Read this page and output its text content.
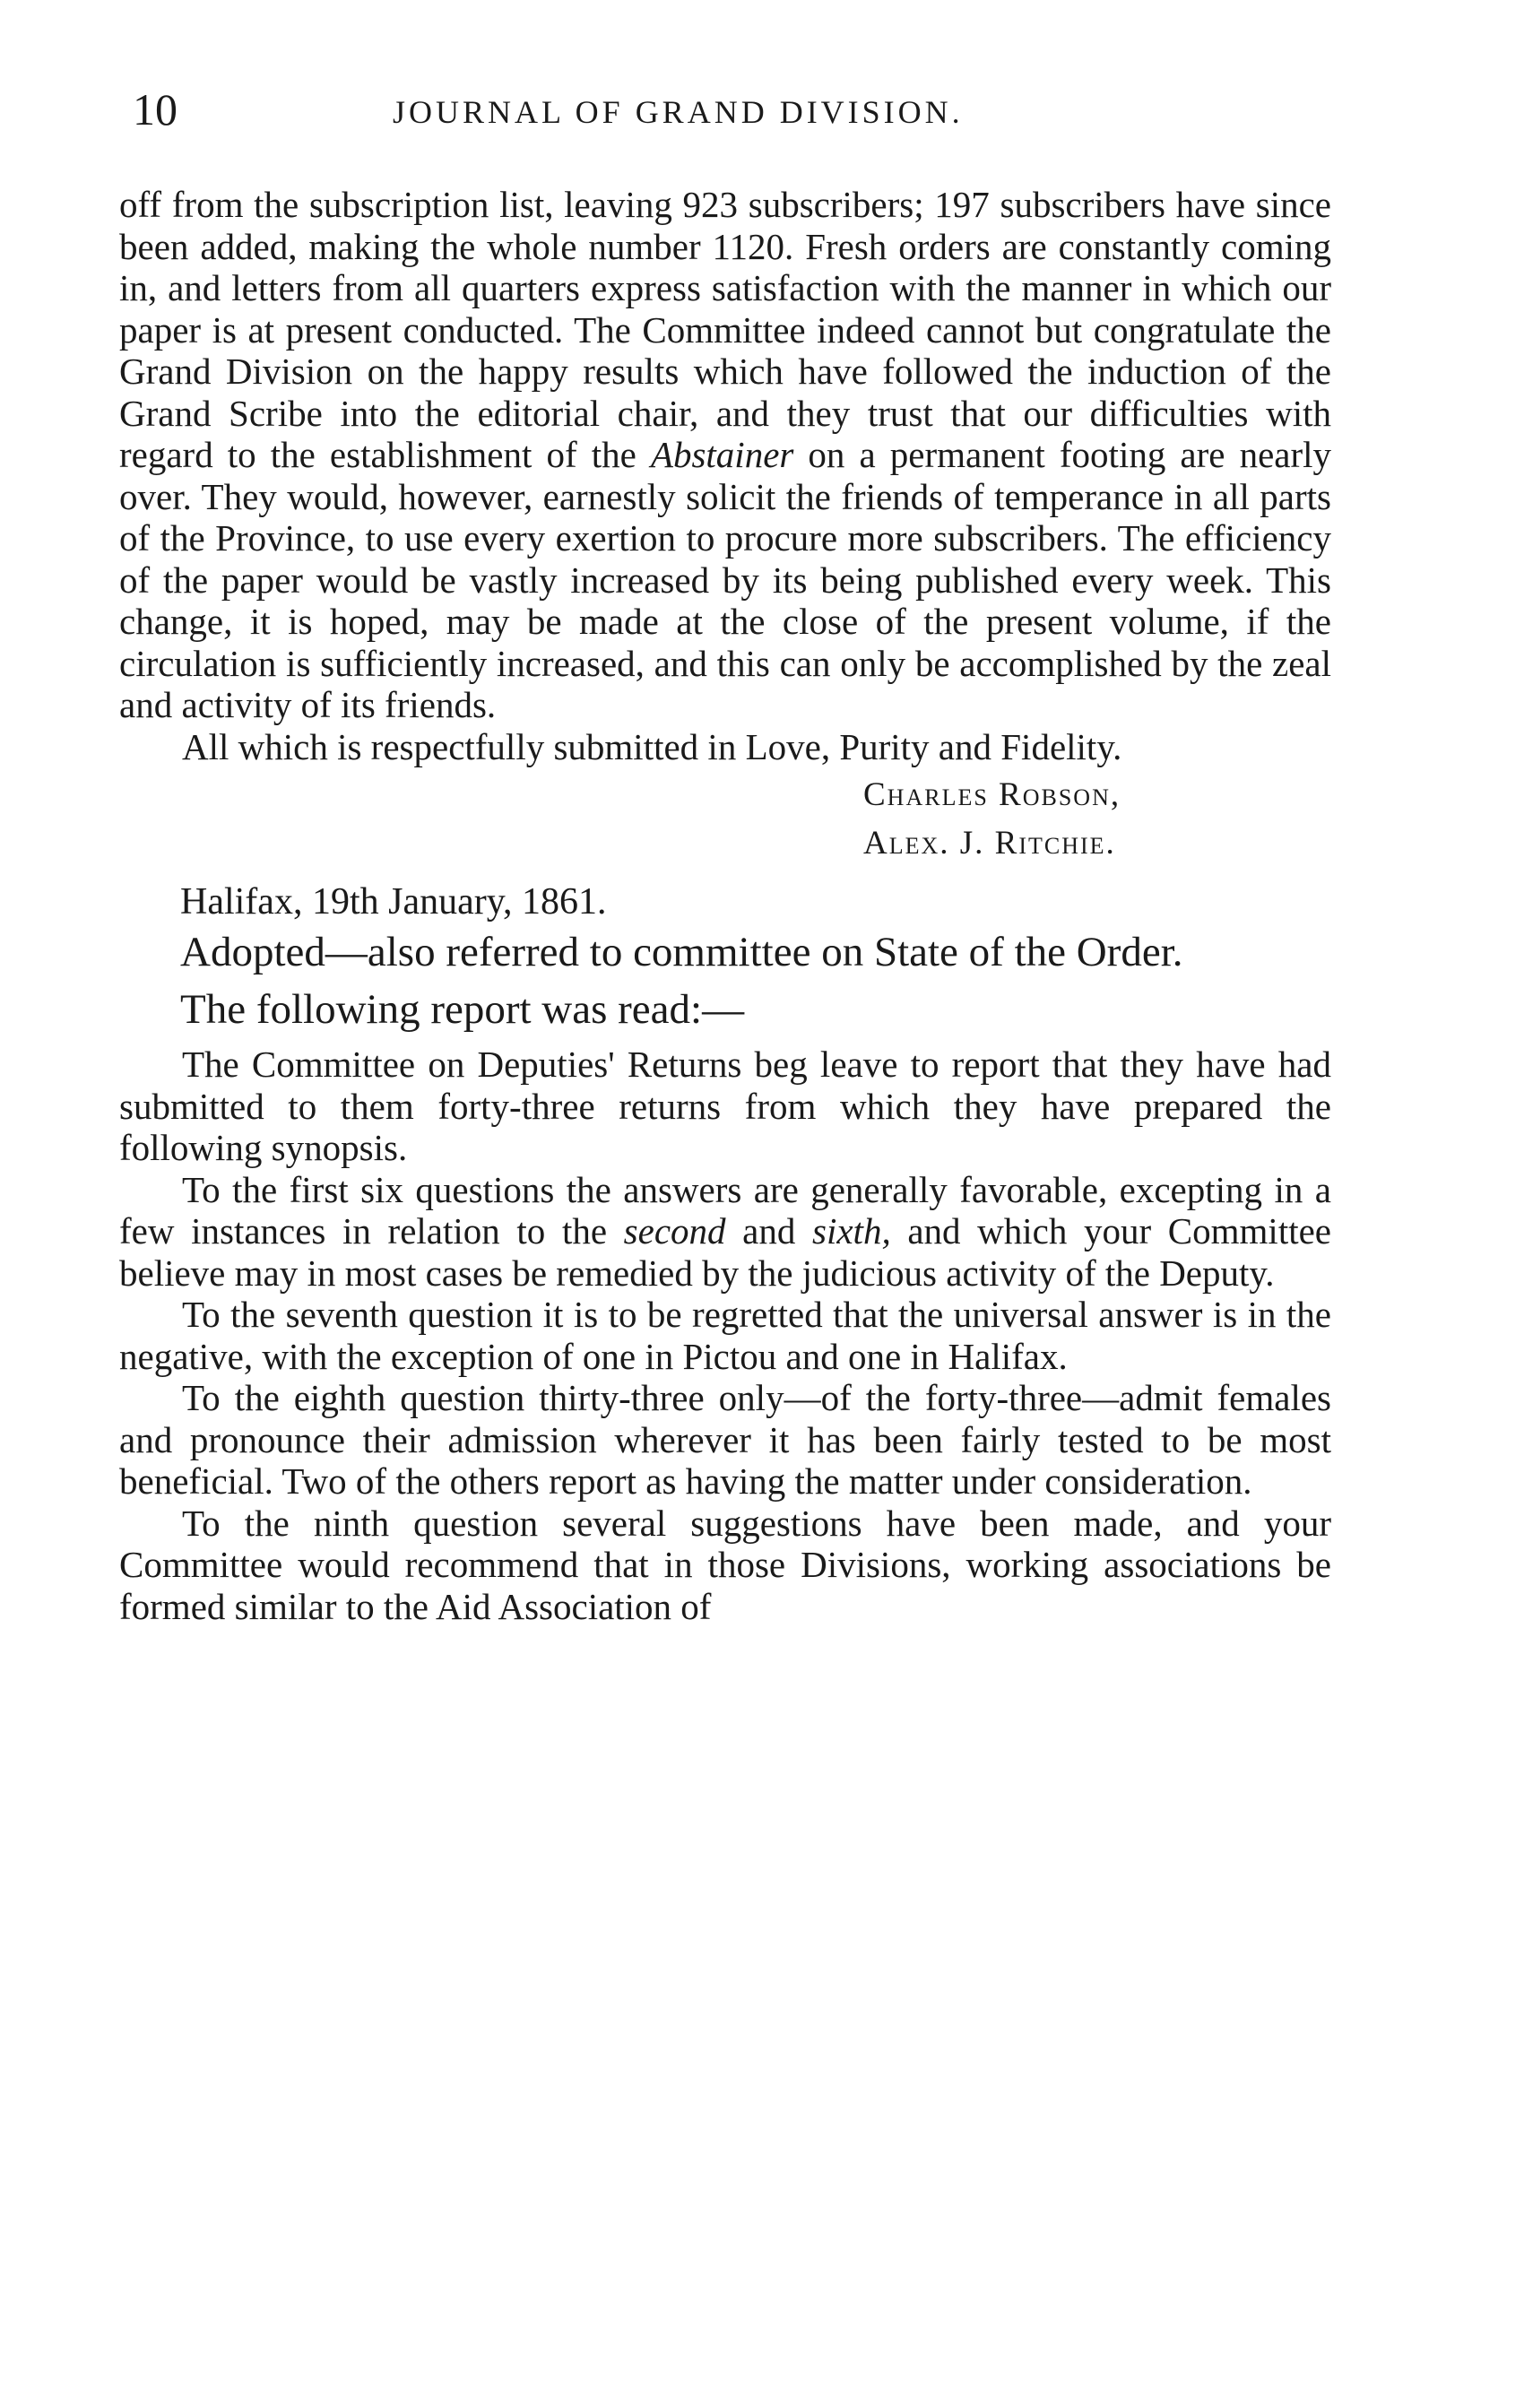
10	JOURNAL OF GRAND DIVISION.

off from the subscription list, leaving 923 subscribers; 197 subscribers have since been added, making the whole number 1120. Fresh orders are constantly coming in, and letters from all quarters express satisfaction with the manner in which our paper is at present conducted. The Committee indeed cannot but congratulate the Grand Division on the happy results which have followed the induction of the Grand Scribe into the editorial chair, and they trust that our difficulties with regard to the establishment of the Abstainer on a permanent footing are nearly over. They would, however, earnestly solicit the friends of temperance in all parts of the Province, to use every exertion to procure more subscribers. The efficiency of the paper would be vastly increased by its being published every week. This change, it is hoped, may be made at the close of the present volume, if the circulation is sufficiently increased, and this can only be accomplished by the zeal and activity of its friends.

All which is respectfully submitted in Love, Purity and Fidelity.

Charles Robson,
Alex. J. Ritchie.

Halifax, 19th January, 1861.

Adopted—also referred to committee on State of the Order.

The following report was read:—

The Committee on Deputies' Returns beg leave to report that they have had submitted to them forty-three returns from which they have prepared the following synopsis.

To the first six questions the answers are generally favorable, excepting in a few instances in relation to the second and sixth, and which your Committee believe may in most cases be remedied by the judicious activity of the Deputy.

To the seventh question it is to be regretted that the universal answer is in the negative, with the exception of one in Pictou and one in Halifax.

To the eighth question thirty-three only—of the forty-three—admit females and pronounce their admission wherever it has been fairly tested to be most beneficial. Two of the others report as having the matter under consideration.

To the ninth question several suggestions have been made, and your Committee would recommend that in those Divisions, working associations be formed similar to the Aid Association of
